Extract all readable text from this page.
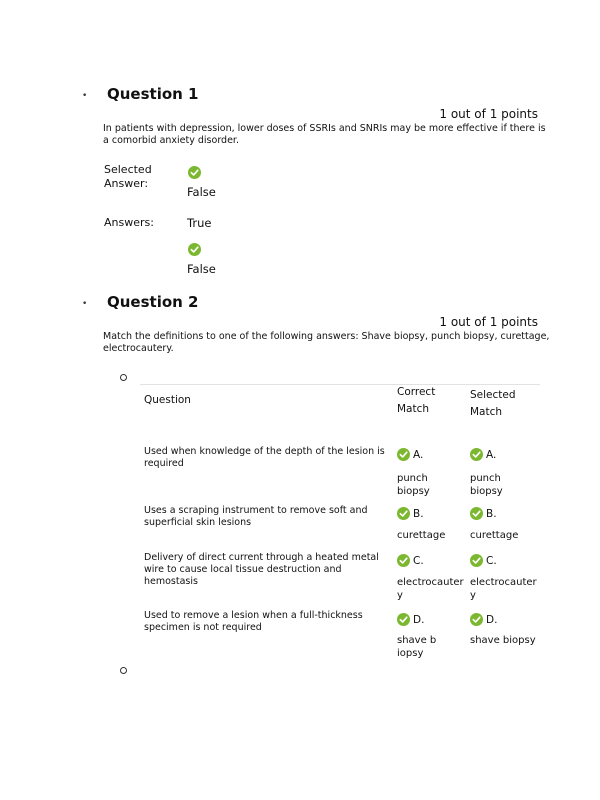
• Question 1
1 out of 1 points
In patients with depression, lower doses of SSRIs and SNRIs may be more effective if there is a comorbid anxiety disorder.
Selected Answer:
False
Answers:	True
False
• Question 2
1 out of 1 points
Match the definitions to one of the following answers: Shave biopsy, punch biopsy, curettage, electrocautery.
Question
Correct Match
Selected Match
Used when knowledge of the depth of the lesion is required
A.
punch biopsy
A.
punch biopsy
Uses a scraping instrument to remove soft and superficial skin lesions
B.
curettage
B.
curettage
Delivery of direct current through a heated metal wire to cause local tissue destruction and hemostasis
C.
electrocautery
C.
electrocautery
Used to remove a lesion when a full-thickness specimen is not required
D.
shave biopsy
D.
shave biopsy
